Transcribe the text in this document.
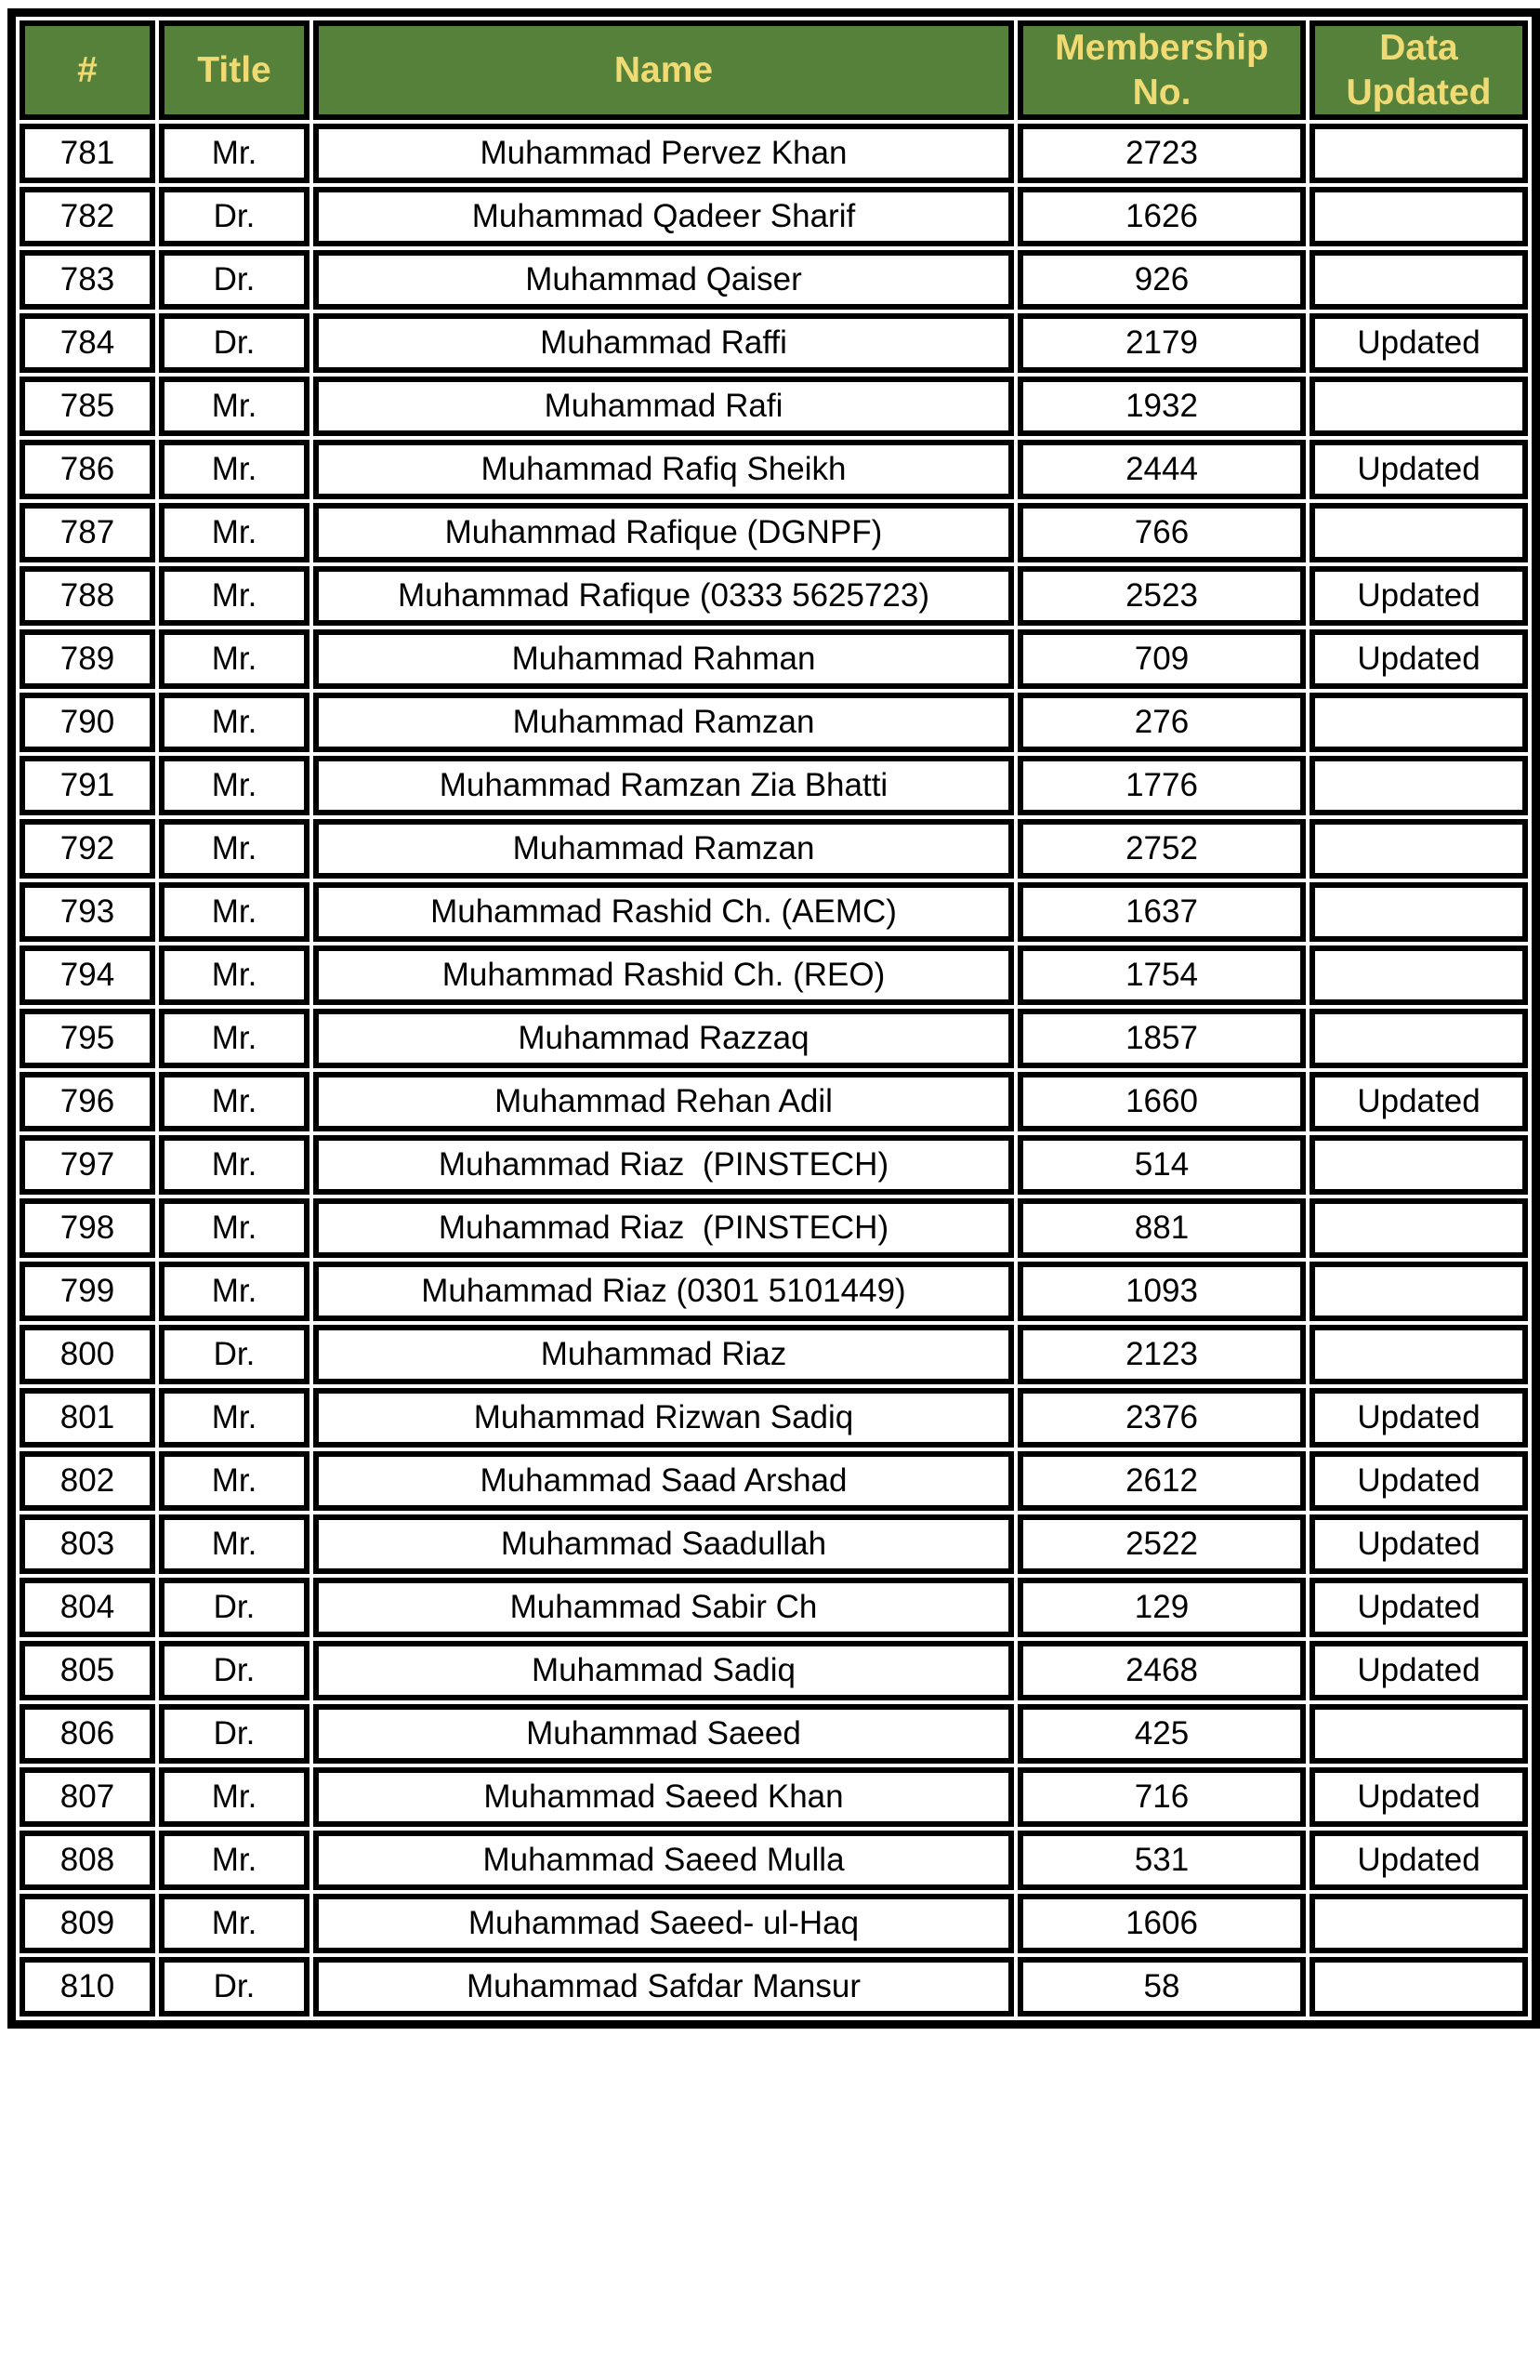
#	Title	Name	Membership No.	Data Updated
781	Mr.	Muhammad Pervez Khan	2723	
782	Dr.	Muhammad Qadeer Sharif	1626	
783	Dr.	Muhammad Qaiser	926	
784	Dr.	Muhammad Raffi	2179	Updated
785	Mr.	Muhammad Rafi	1932	
786	Mr.	Muhammad Rafiq Sheikh	2444	Updated
787	Mr.	Muhammad Rafique (DGNPF)	766	
788	Mr.	Muhammad Rafique (0333 5625723)	2523	Updated
789	Mr.	Muhammad Rahman	709	Updated
790	Mr.	Muhammad Ramzan	276	
791	Mr.	Muhammad Ramzan Zia Bhatti	1776	
792	Mr.	Muhammad Ramzan	2752	
793	Mr.	Muhammad Rashid Ch. (AEMC)	1637	
794	Mr.	Muhammad Rashid Ch. (REO)	1754	
795	Mr.	Muhammad Razzaq	1857	
796	Mr.	Muhammad Rehan Adil	1660	Updated
797	Mr.	Muhammad Riaz  (PINSTECH)	514	
798	Mr.	Muhammad Riaz  (PINSTECH)	881	
799	Mr.	Muhammad Riaz (0301 5101449)	1093	
800	Dr.	Muhammad Riaz	2123	
801	Mr.	Muhammad Rizwan Sadiq	2376	Updated
802	Mr.	Muhammad Saad Arshad	2612	Updated
803	Mr.	Muhammad Saadullah	2522	Updated
804	Dr.	Muhammad Sabir Ch	129	Updated
805	Dr.	Muhammad Sadiq	2468	Updated
806	Dr.	Muhammad Saeed	425	
807	Mr.	Muhammad Saeed Khan	716	Updated
808	Mr.	Muhammad Saeed Mulla	531	Updated
809	Mr.	Muhammad Saeed- ul-Haq	1606	
810	Dr.	Muhammad Safdar Mansur	58	
